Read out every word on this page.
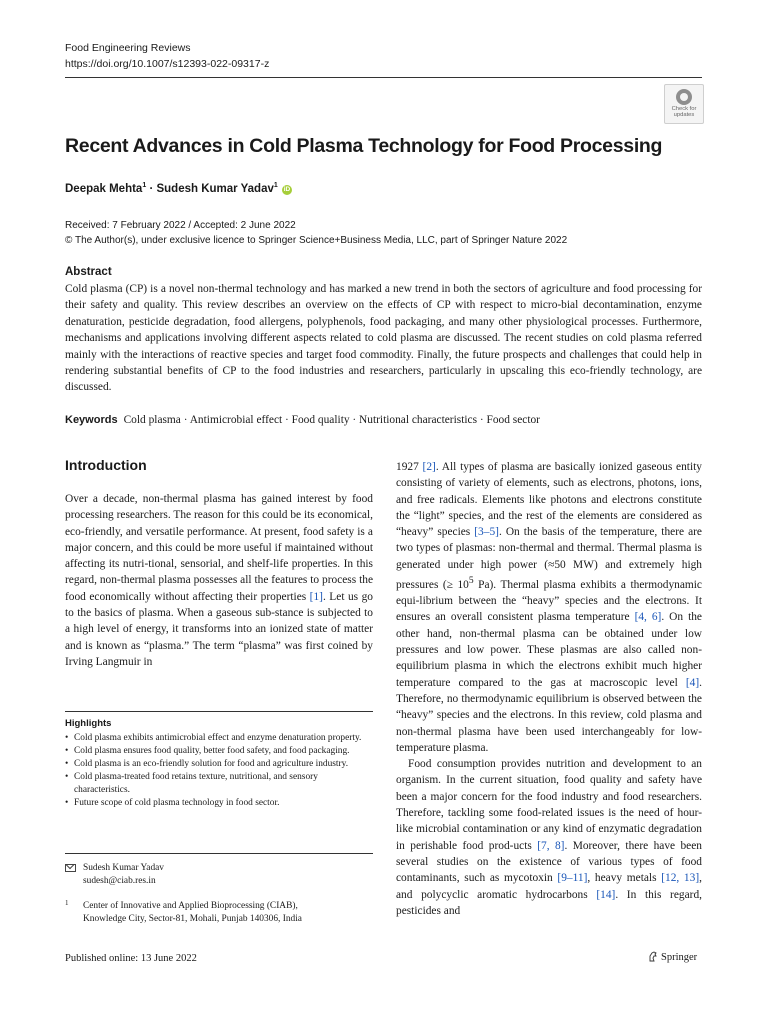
Food Engineering Reviews
https://doi.org/10.1007/s12393-022-09317-z
Check for
updates
Recent Advances in Cold Plasma Technology for Food Processing
Deepak Mehta$^1$ · Sudesh Kumar Yadav$^1$ iD
Received: 7 February 2022 / Accepted: 2 June 2022
© The Author(s), under exclusive licence to Springer Science+Business Media, LLC, part of Springer Nature 2022
Abstract
Cold plasma (CP) is a novel non-thermal technology and has marked a new trend in both the sectors of agriculture and food processing for their safety and quality. This review describes an overview on the effects of CP with respect to micro-bial decontamination, enzyme denaturation, pesticide degradation, food allergens, polyphenols, food packaging, and many other physiological processes. Furthermore, mechanisms and applications involving different aspects related to cold plasma are discussed. The recent studies on cold plasma referred mainly with the interactions of reactive species and target food commodity. Finally, the future prospects and challenges that could help in rendering substantial benefits of CP to the food industries and researchers, particularly in upscaling this eco-friendly technology, are discussed.
Keywords Cold plasma · Antimicrobial effect · Food quality · Nutritional characteristics · Food sector
Introduction

Over a decade, non-thermal plasma has gained interest by food processing researchers. The reason for this could be its economical, eco-friendly, and versatile performance. At present, food safety is a major concern, and this could be more useful if maintained without affecting its nutri-tional, sensorial, and shelf-life properties. In this regard, non-thermal plasma possesses all the features to process the food economically without affecting their properties [1]. Let us go to the basics of plasma. When a gaseous sub-stance is subjected to a high level of energy, it transforms into an ionized state of matter and is known as “plasma.” The term “plasma” was first coined by Irving Langmuir in

1927 [2]. All types of plasma are basically ionized gaseous entity consisting of variety of elements, such as electrons, photons, ions, and free radicals. Elements like photons and electrons constitute the “light” species, and the rest of the elements are considered as “heavy” species [3–5]. On the basis of the temperature, there are two types of plasmas: non-thermal and thermal. Thermal plasma is generated under high power (≈50 MW) and extremely high pressures (≥ $10^5$ Pa). Thermal plasma exhibits a thermodynamic equi-librium between the “heavy” species and the electrons. It ensures an overall consistent plasma temperature [4, 6]. On the other hand, non-thermal plasma can be obtained under low pressures and low power. These plasmas are also called non-equilibrium plasma in which the electrons exhibit much higher temperature compared to the gas at macroscopic level [4]. Therefore, no thermodynamic equilibrium is observed between the “heavy” species and the electrons. In this review, cold plasma and non-thermal plasma have been used interchangeably for low-temperature plasma.

Food consumption provides nutrition and development to an organism. In the current situation, food quality and safety have been a major concern for the food industry and food researchers. Therefore, tackling some food-related issues is the need of hour-like microbial contamination or any kind of enzymatic degradation in perishable food prod-ucts [7, 8]. Moreover, there have been several studies on the existence of various types of food contaminants, such as mycotoxin [9–11], heavy metals [12, 13], and polycyclic aromatic hydrocarbons [14]. In this regard, pesticides and

Highlights
• Cold plasma exhibits antimicrobial effect and enzyme denaturation property.
• Cold plasma ensures food quality, better food safety, and food packaging.
• Cold plasma is an eco-friendly solution for food and agriculture industry.
• Cold plasma-treated food retains texture, nutritional, and sensory characteristics.
• Future scope of cold plasma technology in food sector.
Sudesh Kumar Yadav
sudesh@ciab.res.in
1 Center of Innovative and Applied Bioprocessing (CIAB),
Knowledge City, Sector-81, Mohali, Punjab 140306, India
Published online: 13 June 2022	Springer
